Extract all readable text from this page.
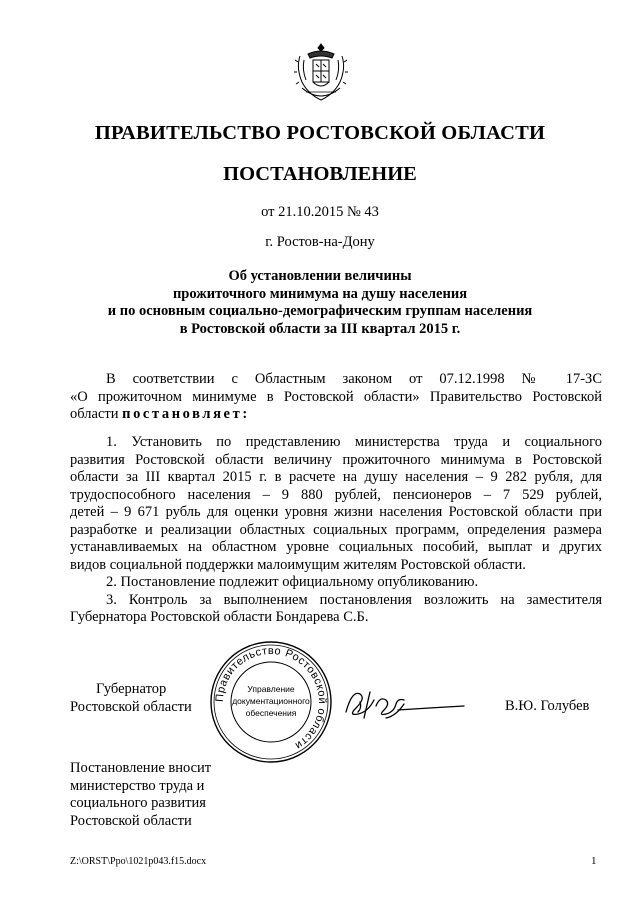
ПРАВИТЕЛЬСТВО РОСТОВСКОЙ ОБЛАСТИ
ПОСТАНОВЛЕНИЕ
от 21.10.2015 № 43
г. Ростов-на-Дону
Об установлении величины
прожиточного минимума на душу населения
и по основным социально-демографическим группам населения
в Ростовской области за III квартал 2015 г.
В соответствии с Областным законом от 07.12.1998 № 17-ЗС
«О прожиточном минимуме в Ростовской области» Правительство Ростовской
области постановляет:
1. Установить по представлению министерства труда и социального
развития Ростовской области величину прожиточного минимума в Ростовской
области за III квартал 2015 г. в расчете на душу населения – 9 282 рубля, для
трудоспособного населения – 9 880 рублей, пенсионеров – 7 529 рублей,
детей – 9 671 рубль для оценки уровня жизни населения Ростовской области при
разработке и реализации областных социальных программ, определения размера
устанавливаемых на областном уровне социальных пособий, выплат и других
видов социальной поддержки малоимущим жителям Ростовской области.
2. Постановление подлежит официальному опубликованию.
3. Контроль за выполнением постановления возложить на заместителя
Губернатора Ростовской области Бондарева С.Б.
Губернатор
Ростовской области
Правительство Ростовской области
Управление
документационного
обеспечения	В.Ю. Голубев
Постановление вносит
министерство труда и
социального развития
Ростовской области
Z:\ORST\Ppo\1021p043.f15.docx	1
